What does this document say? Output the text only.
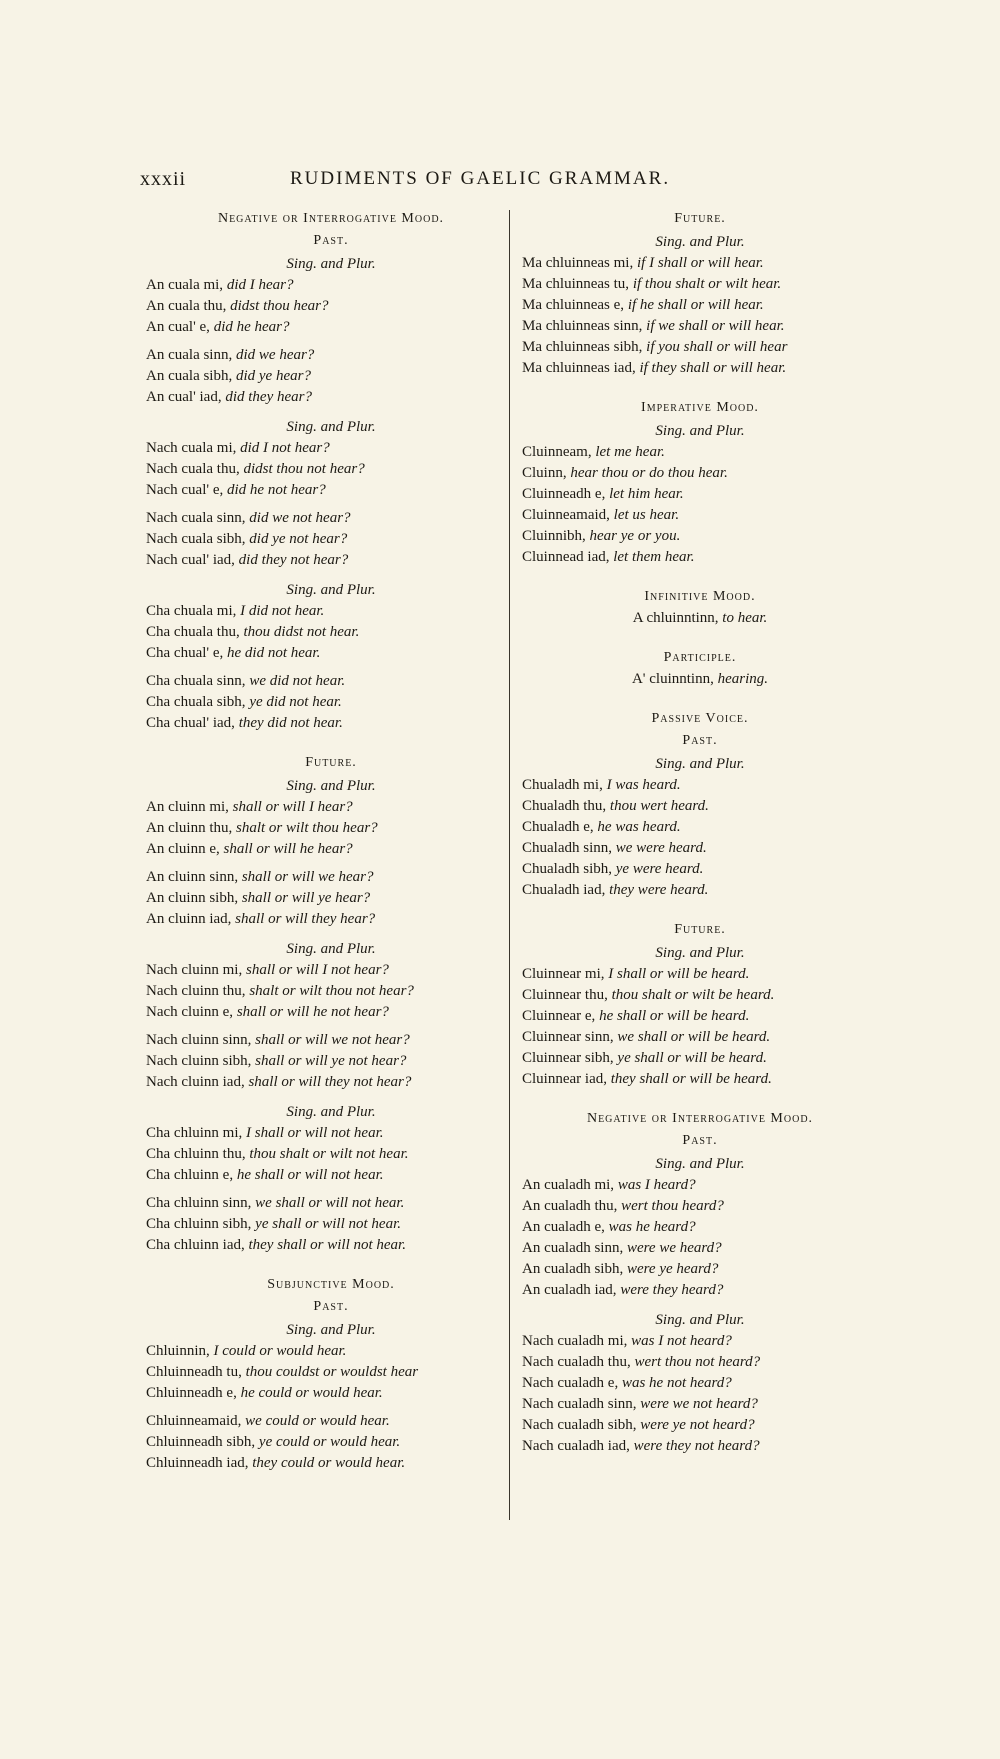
xxxii	RUDIMENTS OF GAELIC GRAMMAR.
Negative or Interrogative Mood.
Past.
Sing. and Plur.
An cuala mi, did I hear?
An cuala thu, didst thou hear?
An cual' e, did he hear?
An cuala sinn, did we hear?
An cuala sibh, did ye hear?
An cual' iad, did they hear?
Sing. and Plur.
Nach cuala mi, did I not hear?
Nach cuala thu, didst thou not hear?
Nach cual' e, did he not hear?
Nach cuala sinn, did we not hear?
Nach cuala sibh, did ye not hear?
Nach cual' iad, did they not hear?
Sing. and Plur.
Cha chuala mi, I did not hear.
Cha chuala thu, thou didst not hear.
Cha chual' e, he did not hear.
Cha chuala sinn, we did not hear.
Cha chuala sibh, ye did not hear.
Cha chual' iad, they did not hear.
Future.
Sing. and Plur.
An cluinn mi, shall or will I hear?
An cluinn thu, shalt or wilt thou hear?
An cluinn e, shall or will he hear?
An cluinn sinn, shall or will we hear?
An cluinn sibh, shall or will ye hear?
An cluinn iad, shall or will they hear?
Sing. and Plur.
Nach cluinn mi, shall or will I not hear?
Nach cluinn thu, shalt or wilt thou not hear?
Nach cluinn e, shall or will he not hear?
Nach cluinn sinn, shall or will we not hear?
Nach cluinn sibh, shall or will ye not hear?
Nach cluinn iad, shall or will they not hear?
Sing. and Plur.
Cha chluinn mi, I shall or will not hear.
Cha chluinn thu, thou shalt or wilt not hear.
Cha chluinn e, he shall or will not hear.
Cha chluinn sinn, we shall or will not hear.
Cha chluinn sibh, ye shall or will not hear.
Cha chluinn iad, they shall or will not hear.
Subjunctive Mood.
Past.
Sing. and Plur.
Chluinnin, I could or would hear.
Chluinneadh tu, thou couldst or wouldst hear
Chluinneadh e, he could or would hear.
Chluinneamaid, we could or would hear.
Chluinneadh sibh, ye could or would hear.
Chluinneadh iad, they could or would hear.
Future.
Sing. and Plur.
Ma chluinneas mi, if I shall or will hear.
Ma chluinneas tu, if thou shalt or wilt hear.
Ma chluinneas e, if he shall or will hear.
Ma chluinneas sinn, if we shall or will hear.
Ma chluinneas sibh, if you shall or will hear
Ma chluinneas iad, if they shall or will hear.
Imperative Mood.
Sing. and Plur.
Cluinneam, let me hear.
Cluinn, hear thou or do thou hear.
Cluinneadh e, let him hear.
Cluinneamaid, let us hear.
Cluinnibh, hear ye or you.
Cluinnead iad, let them hear.
Infinitive Mood.
A chluinntinn, to hear.
Participle.
A' cluinntinn, hearing.
Passive Voice.
Past.
Sing. and Plur.
Chualadh mi, I was heard.
Chualadh thu, thou wert heard.
Chualadh e, he was heard.
Chualadh sinn, we were heard.
Chualadh sibh, ye were heard.
Chualadh iad, they were heard.
Future.
Sing. and Plur.
Cluinnear mi, I shall or will be heard.
Cluinnear thu, thou shalt or wilt be heard.
Cluinnear e, he shall or will be heard.
Cluinnear sinn, we shall or will be heard.
Cluinnear sibh, ye shall or will be heard.
Cluinnear iad, they shall or will be heard.
Negative or Interrogative Mood.
Past.
Sing. and Plur.
An cualadh mi, was I heard?
An cualadh thu, wert thou heard?
An cualadh e, was he heard?
An cualadh sinn, were we heard?
An cualadh sibh, were ye heard?
An cualadh iad, were they heard?
Sing. and Plur.
Nach cualadh mi, was I not heard?
Nach cualadh thu, wert thou not heard?
Nach cualadh e, was he not heard?
Nach cualadh sinn, were we not heard?
Nach cualadh sibh, were ye not heard?
Nach cualadh iad, were they not heard?
